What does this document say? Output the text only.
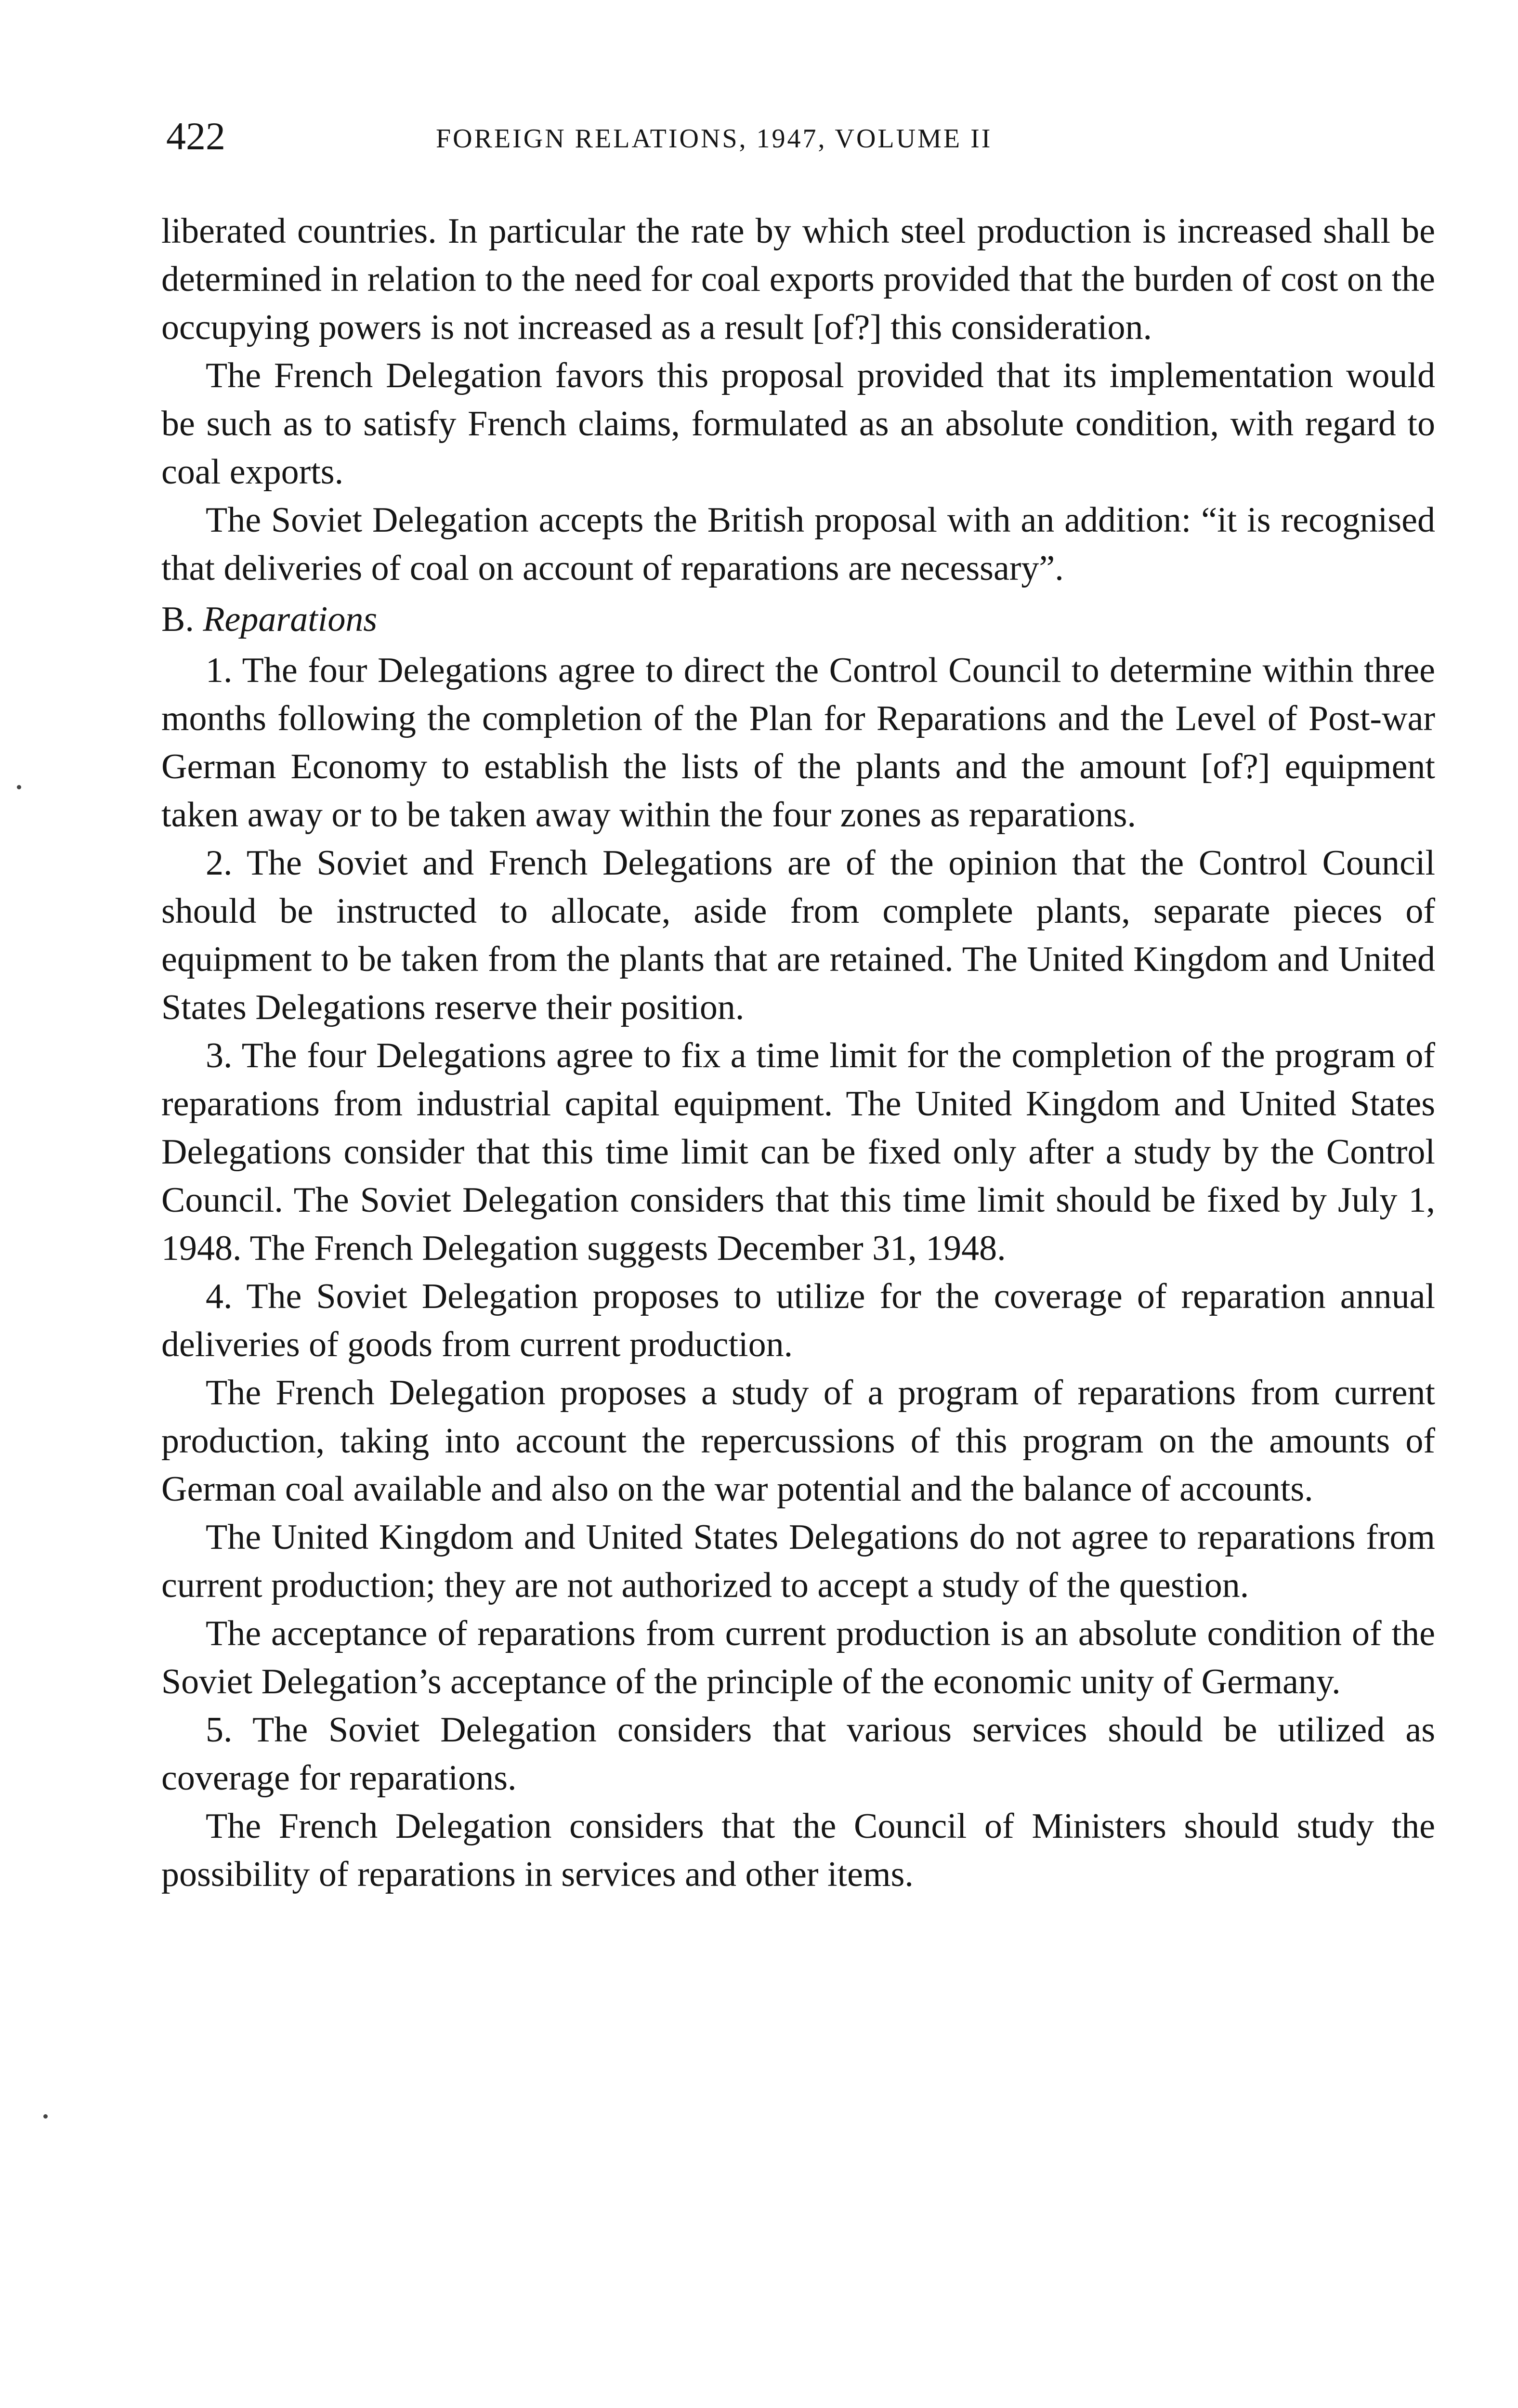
422	FOREIGN RELATIONS, 1947, VOLUME II

liberated countries. In particular the rate by which steel production is increased shall be determined in relation to the need for coal exports provided that the burden of cost on the occupying powers is not increased as a result [of?] this consideration.

The French Delegation favors this proposal provided that its implementation would be such as to satisfy French claims, formulated as an absolute condition, with regard to coal exports.

The Soviet Delegation accepts the British proposal with an addition: “it is recognised that deliveries of coal on account of reparations are necessary”.

B. Reparations

1. The four Delegations agree to direct the Control Council to determine within three months following the completion of the Plan for Reparations and the Level of Post-war German Economy to establish the lists of the plants and the amount [of?] equipment taken away or to be taken away within the four zones as reparations.

2. The Soviet and French Delegations are of the opinion that the Control Council should be instructed to allocate, aside from complete plants, separate pieces of equipment to be taken from the plants that are retained. The United Kingdom and United States Delegations reserve their position.

3. The four Delegations agree to fix a time limit for the completion of the program of reparations from industrial capital equipment. The United Kingdom and United States Delegations consider that this time limit can be fixed only after a study by the Control Council. The Soviet Delegation considers that this time limit should be fixed by July 1, 1948. The French Delegation suggests December 31, 1948.

4. The Soviet Delegation proposes to utilize for the coverage of reparation annual deliveries of goods from current production.

The French Delegation proposes a study of a program of reparations from current production, taking into account the repercussions of this program on the amounts of German coal available and also on the war potential and the balance of accounts.

The United Kingdom and United States Delegations do not agree to reparations from current production; they are not authorized to accept a study of the question.

The acceptance of reparations from current production is an absolute condition of the Soviet Delegation’s acceptance of the principle of the economic unity of Germany.

5. The Soviet Delegation considers that various services should be utilized as coverage for reparations.

The French Delegation considers that the Council of Ministers should study the possibility of reparations in services and other items.
